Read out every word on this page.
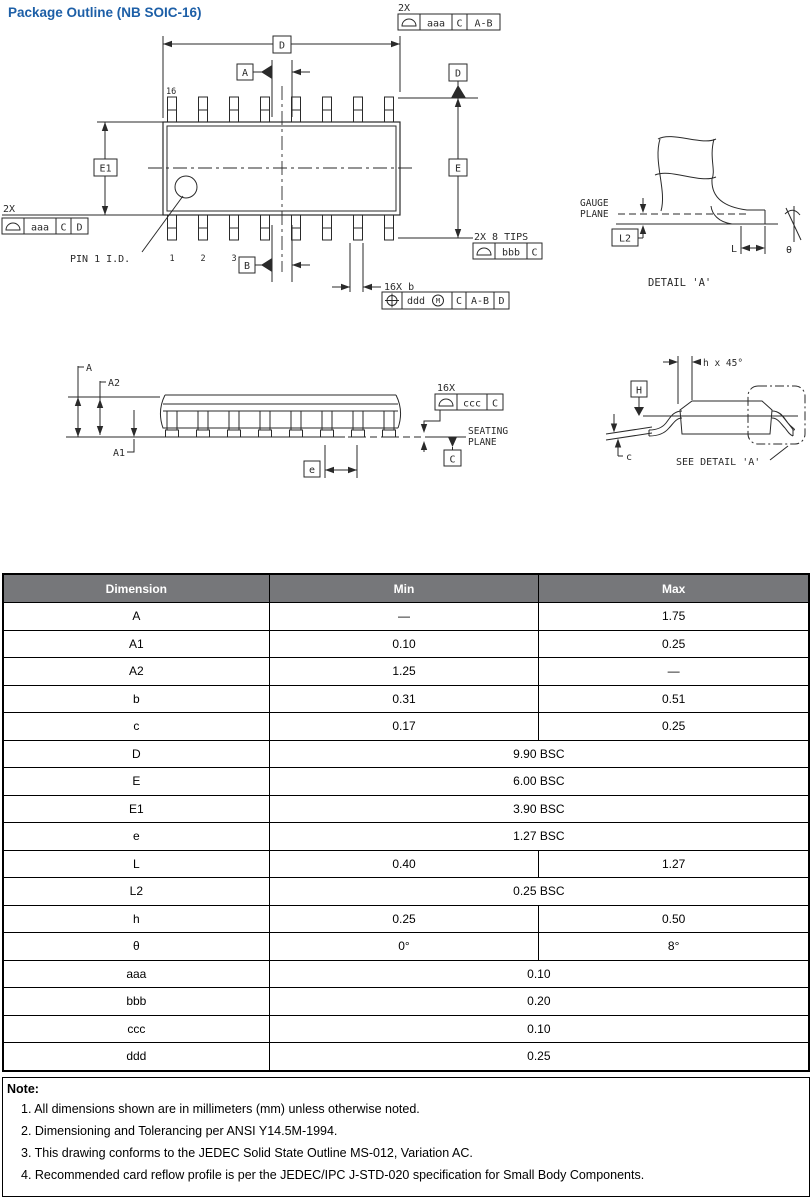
Package Outline (NB SOIC-16)
16
1	2	3
PIN 1 I.D.
D
A
B
D
E
E1
2X
aaa C A-B
2X
aaa C D
2X 8 TIPS
bbb C
16X b
ddd M C A-B D
GAUGE
PLANE
L2
L	θ
DETAIL 'A'
A
A2
A1
e
16X
ccc C
SEATING
PLANE
C
h x 45°
H
SEE DETAIL 'A'
c
Dimension	Min	Max
A	—	1.75
A1	0.10	0.25
A2	1.25	—
b	0.31	0.51
c	0.17	0.25
D	9.90 BSC	
E	6.00 BSC	
E1	3.90 BSC	
e	1.27 BSC	
L	0.40	1.27
L2	0.25 BSC	
h	0.25	0.50
θ	0°	8°
aaa	0.10	
bbb	0.20	
ccc	0.10	
ddd	0.25	
Note:
1. All dimensions shown are in millimeters (mm) unless otherwise noted.
2. Dimensioning and Tolerancing per ANSI Y14.5M-1994.
3. This drawing conforms to the JEDEC Solid State Outline MS-012, Variation AC.
4. Recommended card reflow profile is per the JEDEC/IPC J-STD-020 specification for Small Body Components.
